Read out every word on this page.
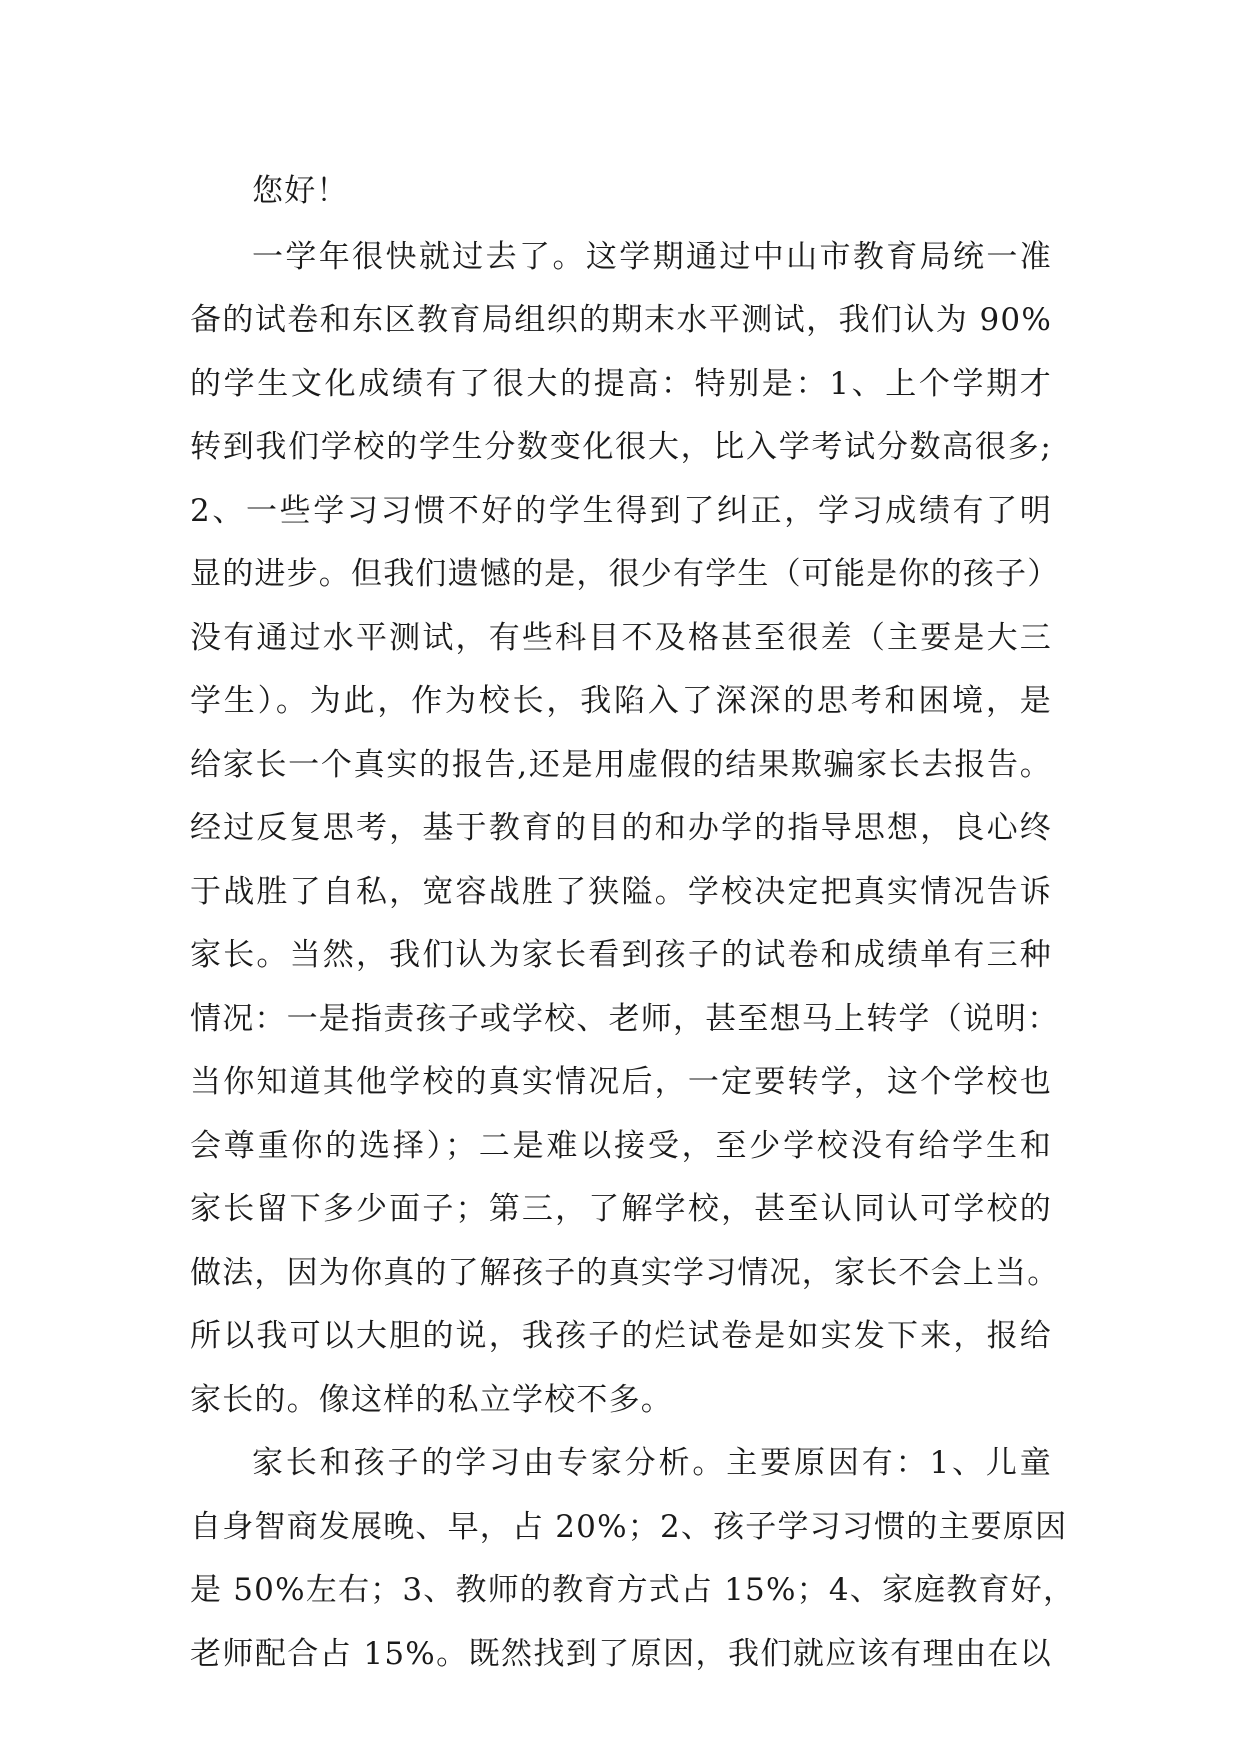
您好！
一学年很快就过去了。这学期通过中山市教育局统一准
备的试卷和东区教育局组织的期末水平测试，我们认为 90%
的学生文化成绩有了很大的提高：特别是：1、上个学期才
转到我们学校的学生分数变化很大，比入学考试分数高很多;
2、一些学习习惯不好的学生得到了纠正，学习成绩有了明
显的进步。但我们遗憾的是，很少有学生（可能是你的孩子）
没有通过水平测试，有些科目不及格甚至很差（主要是大三
学生）。为此，作为校长，我陷入了深深的思考和困境，是
给家长一个真实的报告,还是用虚假的结果欺骗家长去报告。
经过反复思考，基于教育的目的和办学的指导思想，良心终
于战胜了自私，宽容战胜了狭隘。学校决定把真实情况告诉
家长。当然，我们认为家长看到孩子的试卷和成绩单有三种
情况：一是指责孩子或学校、老师，甚至想马上转学（说明：
当你知道其他学校的真实情况后，一定要转学，这个学校也
会尊重你的选择）；二是难以接受，至少学校没有给学生和
家长留下多少面子；第三，了解学校，甚至认同认可学校的
做法，因为你真的了解孩子的真实学习情况，家长不会上当。
所以我可以大胆的说，我孩子的烂试卷是如实发下来，报给
家长的。像这样的私立学校不多。
家长和孩子的学习由专家分析。主要原因有：1、儿童
自身智商发展晚、早，占 20%；2、孩子学习习惯的主要原因
是 50%左右；3、教师的教育方式占 15%；4、家庭教育好，
老师配合占 15%。既然找到了原因，我们就应该有理由在以
